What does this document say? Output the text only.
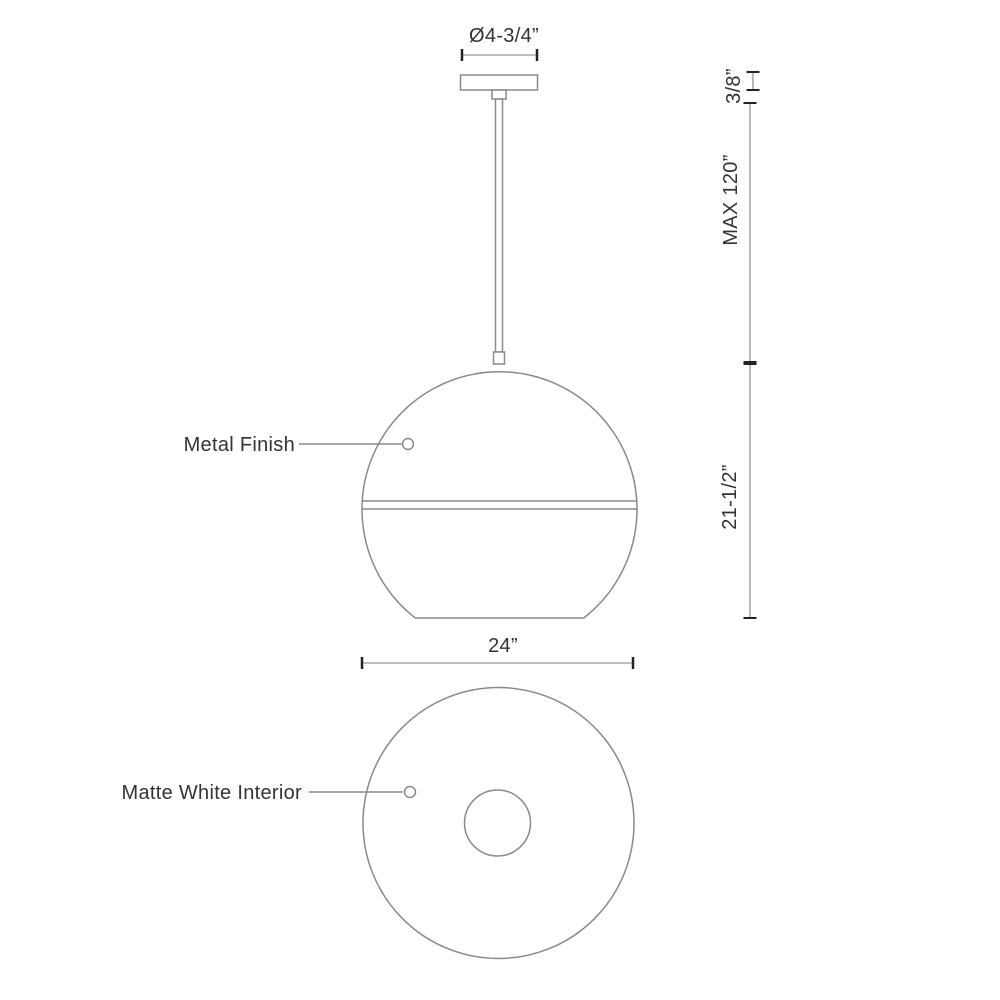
Ø4-3/4”
3/8”
MAX 120”
21-1/2”
Metal Finish
24”
Matte White Interior
